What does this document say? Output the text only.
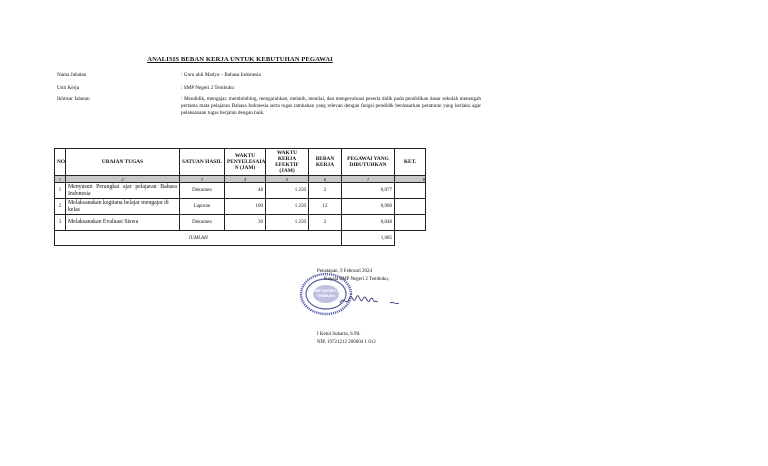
ANALISIS BEBAN KERJA UNTUK KEBUTUHAN PEGAWAI
Nama Jabatan	: Guru ahli Madya – Bahasa Indonesia
Unit Kerja	: SMP Negeri 2 Tembuku
Ikhtisar Jabatan	: Mendidik, mengajar, membimbing, mengarahkan, melatih, menilai, dan mengevaluasi peserta didik pada pendidikan dasar sekolah menengah pertama mata pelajaran Bahasa Indonesia serta tugas tambahan yang relevan dengan fungsi pendidik berdasarkan peraturan yang berlaku agar pelaksanaan tugas berjalan dengan baik.
NO	URAIAN TUGAS	SATUAN HASIL	WAKTU PENYELESAIA N (JAM)	WAKTU KERJA EFEKTIF (JAM)	BEBAN KERJA	PEGAWAI YANG DIBUTUHKAN	KET.
1	2	3	4	5	6	7	8
1	Menyusun Perangkat ajar pelajaran Bahasa Indonesia	Dokumen	48	1.250	2	0,077	
2	Melaksanakan kegitana belajar mengajar di kelas	Laporan	100	1.250	12	0,960	
3	Melaksanakan Evaluasi Siswa	Dokumen	30	1.250	2	0,048	
JUMLAH						1,085	
SMP NEGERI 2
TEMBUKU
Penatapan, 9 Februari 2024
Kepala SMP Negeri 2 Tembuku,
I Ketut Sukarta, S.Pd.
NIP. 19721212 200604 1 012
